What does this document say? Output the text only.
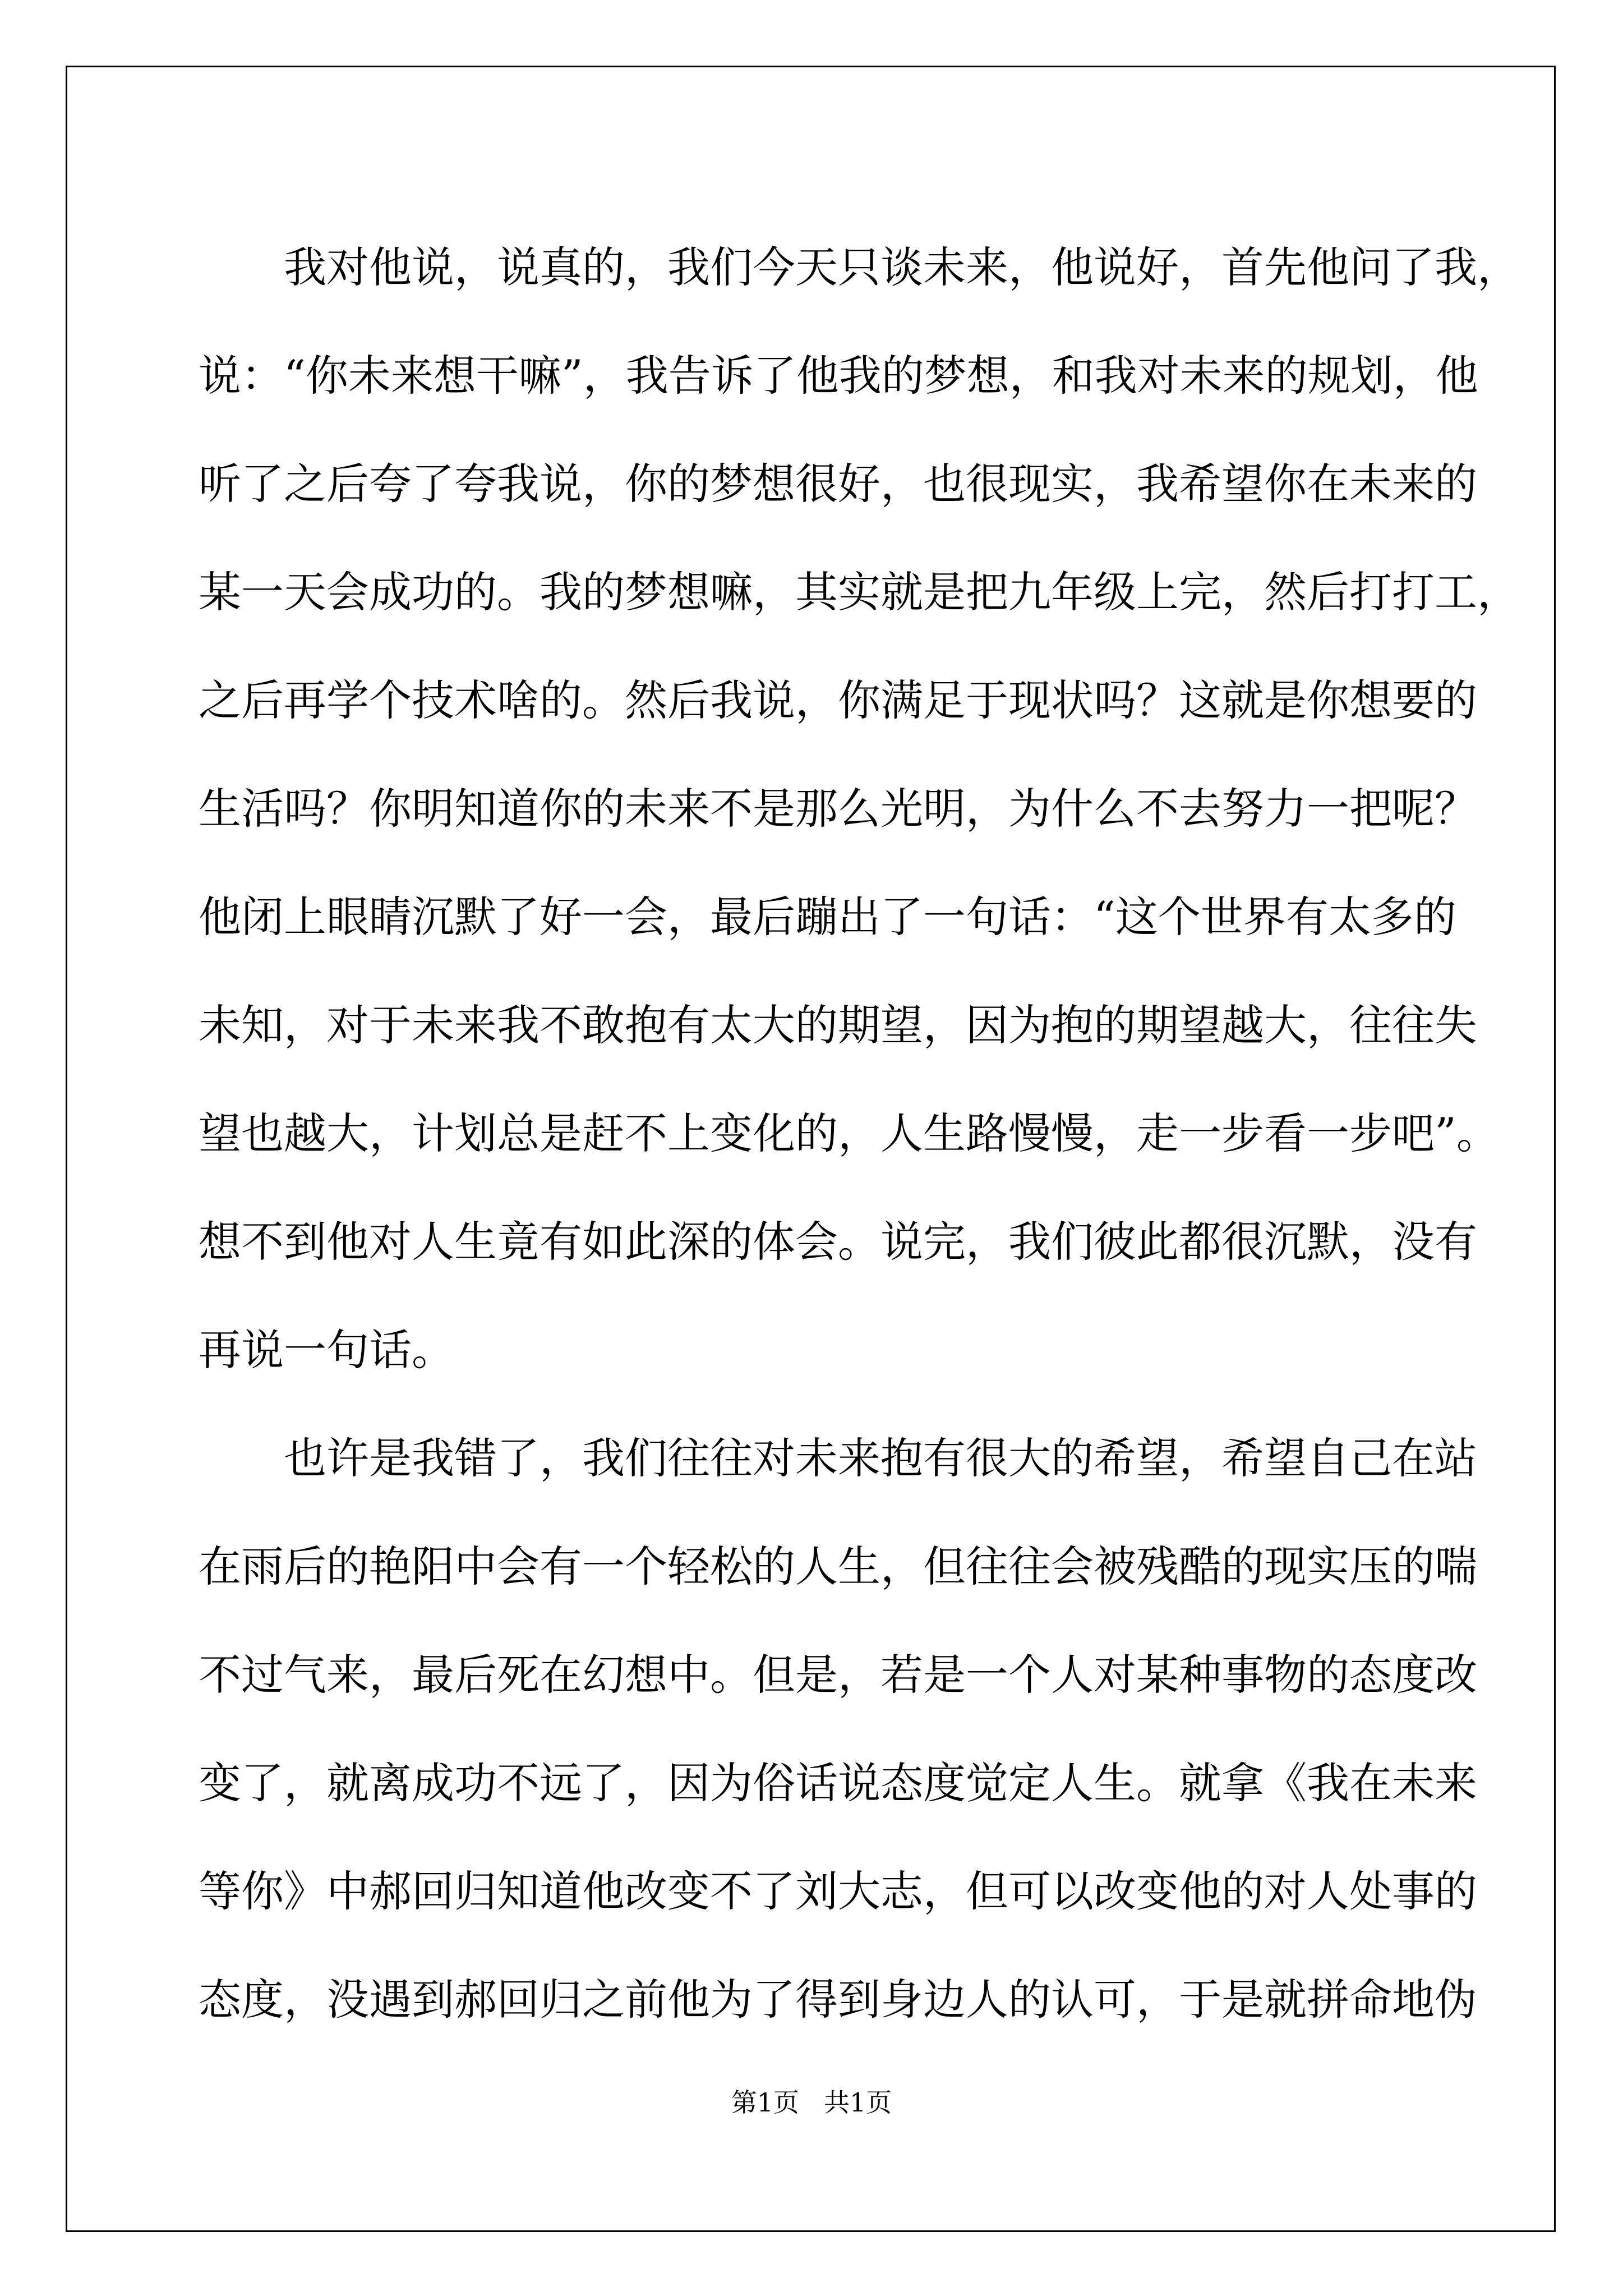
我对他说，说真的，我们今天只谈未来，他说好，首先他问了我，
说：“你未来想干嘛”，我告诉了他我的梦想，和我对未来的规划，他
听了之后夸了夸我说，你的梦想很好，也很现实，我希望你在未来的
某一天会成功的。我的梦想嘛，其实就是把九年级上完，然后打打工，
之后再学个技术啥的。然后我说，你满足于现状吗？这就是你想要的
生活吗？你明知道你的未来不是那么光明，为什么不去努力一把呢？
他闭上眼睛沉默了好一会，最后蹦出了一句话：“这个世界有太多的
未知，对于未来我不敢抱有太大的期望，因为抱的期望越大，往往失
望也越大，计划总是赶不上变化的，人生路慢慢，走一步看一步吧”。
想不到他对人生竟有如此深的体会。说完，我们彼此都很沉默，没有
再说一句话。
也许是我错了，我们往往对未来抱有很大的希望，希望自己在站
在雨后的艳阳中会有一个轻松的人生，但往往会被残酷的现实压的喘
不过气来，最后死在幻想中。但是，若是一个人对某种事物的态度改
变了，就离成功不远了，因为俗话说态度觉定人生。就拿《我在未来
等你》中郝回归知道他改变不了刘大志，但可以改变他的对人处事的
态度，没遇到郝回归之前他为了得到身边人的认可，于是就拼命地伪
第1页 共1页
